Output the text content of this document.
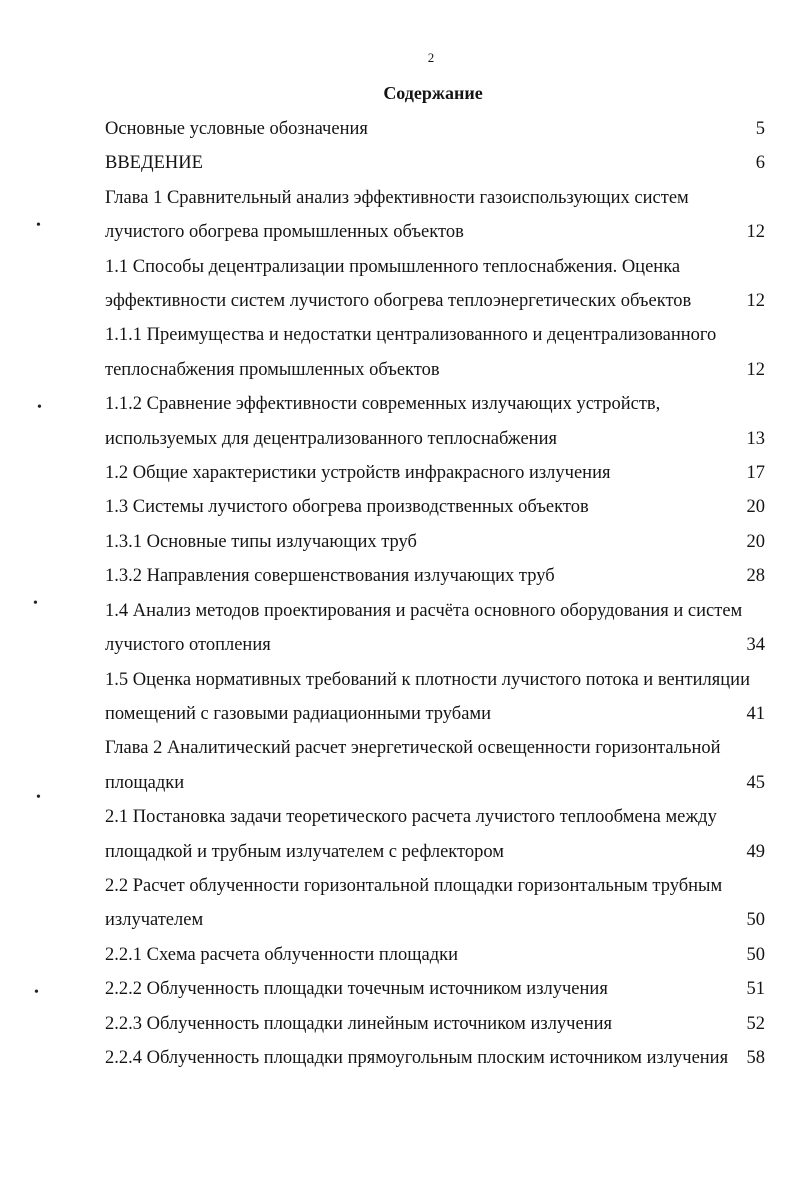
2
Содержание
Основные условные обозначения	5
ВВЕДЕНИЕ	6
Глава 1 Сравнительный анализ эффективности газоиспользующих систем
лучистого обогрева промышленных объектов	12
1.1 Способы децентрализации промышленного теплоснабжения. Оценка
эффективности систем лучистого обогрева теплоэнергетических объектов	12
1.1.1 Преимущества и недостатки централизованного и децентрализованного
теплоснабжения промышленных объектов	12
1.1.2 Сравнение эффективности современных излучающих устройств,
используемых для децентрализованного теплоснабжения	13
1.2 Общие характеристики устройств инфракрасного излучения	17
1.3 Системы лучистого обогрева производственных объектов	20
1.3.1 Основные типы излучающих труб	20
1.3.2 Направления совершенствования излучающих труб	28
1.4 Анализ методов проектирования и расчёта основного оборудования и систем
лучистого отопления	34
1.5 Оценка нормативных требований к плотности лучистого потока и вентиляции
помещений с газовыми радиационными трубами	41
Глава 2 Аналитический расчет энергетической освещенности горизонтальной
площадки	45
2.1 Постановка задачи теоретического расчета лучистого теплообмена между
площадкой и трубным излучателем с рефлектором	49
2.2 Расчет облученности горизонтальной площадки горизонтальным трубным
излучателем	50
2.2.1 Схема расчета облученности площадки	50
2.2.2 Облученность площадки точечным источником излучения	51
2.2.3 Облученность площадки линейным источником излучения	52
2.2.4 Облученность площадки прямоугольным плоским источником излучения 58
•
•
•
•
•
